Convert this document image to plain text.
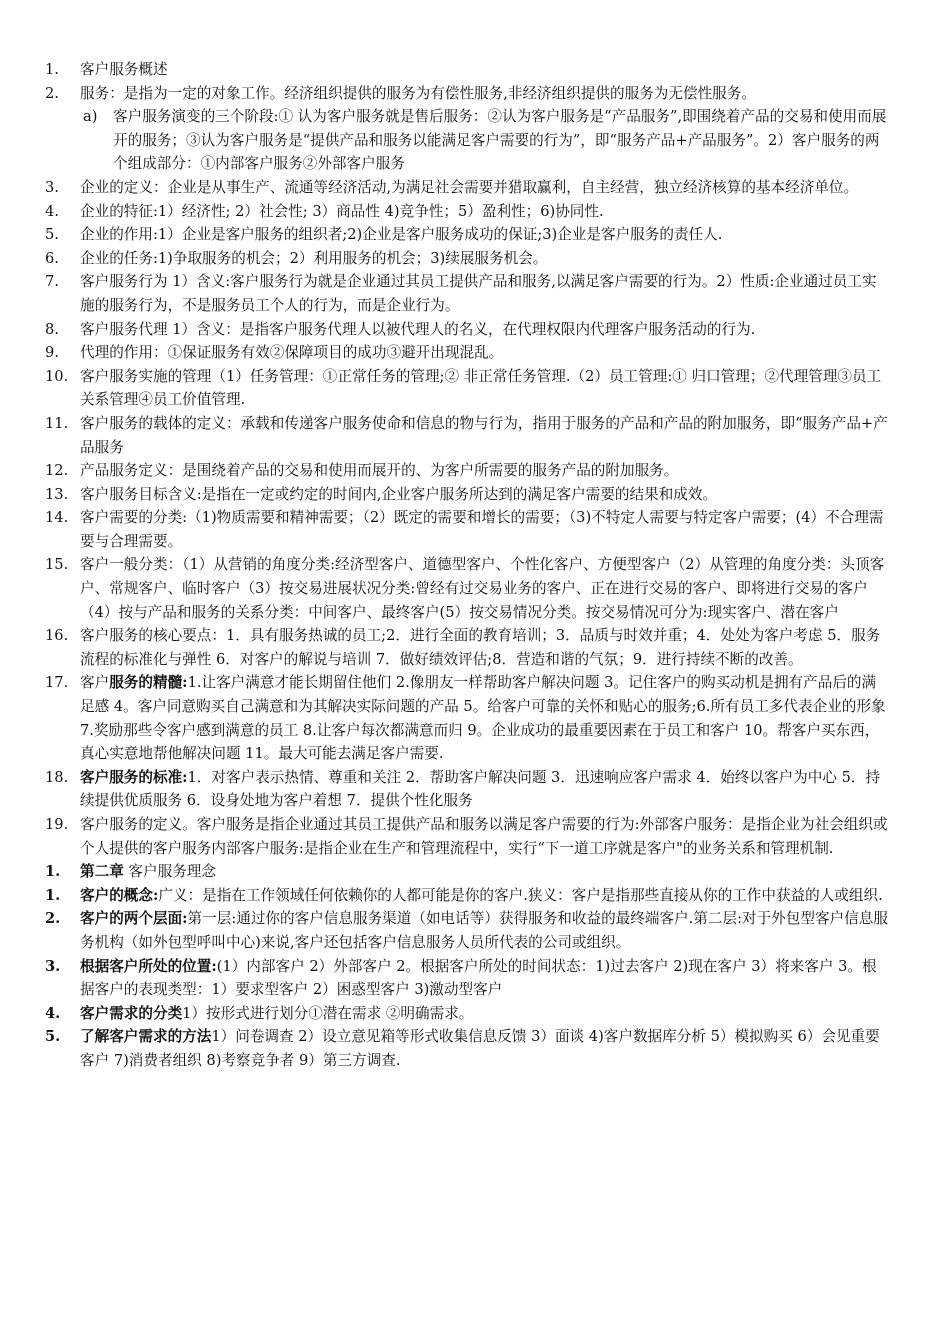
1.	客户服务概述
2.	服务：是指为一定的对象工作。经济组织提供的服务为有偿性服务,非经济组织提供的服务为无偿性服务。
a)	客户服务演变的三个阶段:① 认为客户服务就是售后服务：②认为客户服务是“产品服务”,即围绕着产品的交易和使用而展开的服务；③认为客户服务是“提供产品和服务以能满足客户需要的行为”，即“服务产品+产品服务”。2）客户服务的两个组成部分：①内部客户服务②外部客户服务
3.	企业的定义：企业是从事生产、流通等经济活动,为满足社会需要并猎取赢利，自主经营，独立经济核算的基本经济单位。
4.	企业的特征:1）经济性; 2）社会性; 3）商品性 4)竞争性；5）盈利性；6)协同性.
5.	企业的作用:1）企业是客户服务的组织者;2)企业是客户服务成功的保证;3)企业是客户服务的责任人.
6.	企业的任务:1)争取服务的机会；2）利用服务的机会；3)续展服务机会。
7.	客户服务行为 1）含义:客户服务行为就是企业通过其员工提供产品和服务,以满足客户需要的行为。2）性质:企业通过员工实施的服务行为，不是服务员工个人的行为，而是企业行为。
8.	客户服务代理 1）含义：是指客户服务代理人以被代理人的名义，在代理权限内代理客户服务活动的行为.
9.	代理的作用：①保证服务有效②保障项目的成功③避开出现混乱。
10. 客户服务实施的管理（1）任务管理：①正常任务的管理;② 非正常任务管理.（2）员工管理:① 归口管理；②代理管理③员工关系管理④员工价值管理.
11. 客户服务的载体的定义：承载和传递客户服务使命和信息的物与行为，指用于服务的产品和产品的附加服务，即“服务产品+产品服务
12. 产品服务定义：是围绕着产品的交易和使用而展开的、为客户所需要的服务产品的附加服务。
13. 客户服务目标含义:是指在一定或约定的时间内,企业客户服务所达到的满足客户需要的结果和成效。
14. 客户需要的分类:（1)物质需要和精神需要；（2）既定的需要和增长的需要；（3)不特定人需要与特定客户需要；(4）不合理需要与合理需要。
15. 客户一般分类：（1）从营销的角度分类:经济型客户、道德型客户、个性化客户、方便型客户（2）从管理的角度分类：头顶客户、常规客户、临时客户（3）按交易进展状况分类:曾经有过交易业务的客户、正在进行交易的客户、即将进行交易的客户（4）按与产品和服务的关系分类：中间客户、最终客户(5）按交易情况分类。按交易情况可分为:现实客户、潜在客户
16. 客户服务的核心要点：1．具有服务热诚的员工;2．进行全面的教育培训；3．品质与时效并重；4．处处为客户考虑 5．服务流程的标准化与弹性 6．对客户的解说与培训 7．做好绩效评估;8．营造和谐的气氛；9．进行持续不断的改善。
17. 客户服务的精髓:1.让客户满意才能长期留住他们 2.像朋友一样帮助客户解决问题 3。记住客户的购买动机是拥有产品后的满足感 4。客户同意购买自己满意和为其解决实际问题的产品 5。给客户可靠的关怀和贴心的服务;6.所有员工多代表企业的形象 7.奖励那些令客户感到满意的员工 8.让客户每次都满意而归 9。企业成功的最重要因素在于员工和客户 10。帮客户买东西，真心实意地帮他解决问题 11。最大可能去满足客户需要.
18. 客户服务的标准:1．对客户表示热情、尊重和关注 2．帮助客户解决问题 3．迅速响应客户需求 4．始终以客户为中心 5．持续提供优质服务 6．设身处地为客户着想 7．提供个性化服务
19. 客户服务的定义。客户服务是指企业通过其员工提供产品和服务以满足客户需要的行为:外部客户服务：是指企业为社会组织或个人提供的客户服务内部客户服务:是指企业在生产和管理流程中，实行“下一道工序就是客户"的业务关系和管理机制.
1.	第二章 客户服务理念
1.	客户的概念:广义：是指在工作领域任何依赖你的人都可能是你的客户.狭义：客户是指那些直接从你的工作中获益的人或组织.
2.	客户的两个层面:第一层:通过你的客户信息服务渠道（如电话等）获得服务和收益的最终端客户.第二层:对于外包型客户信息服务机构（如外包型呼叫中心)来说,客户还包括客户信息服务人员所代表的公司或组织。
3.	根据客户所处的位置:(1）内部客户 2）外部客户 2。根据客户所处的时间状态：1)过去客户 2)现在客户 3）将来客户 3。根据客户的表现类型：1）要求型客户 2）困惑型客户 3)激动型客户
4.	客户需求的分类1）按形式进行划分①潜在需求 ②明确需求。
5.	了解客户需求的方法1）问卷调查 2）设立意见箱等形式收集信息反馈 3）面谈 4)客户数据库分析 5）模拟购买 6）会见重要客户 7)消费者组织 8)考察竞争者 9）第三方调查.
